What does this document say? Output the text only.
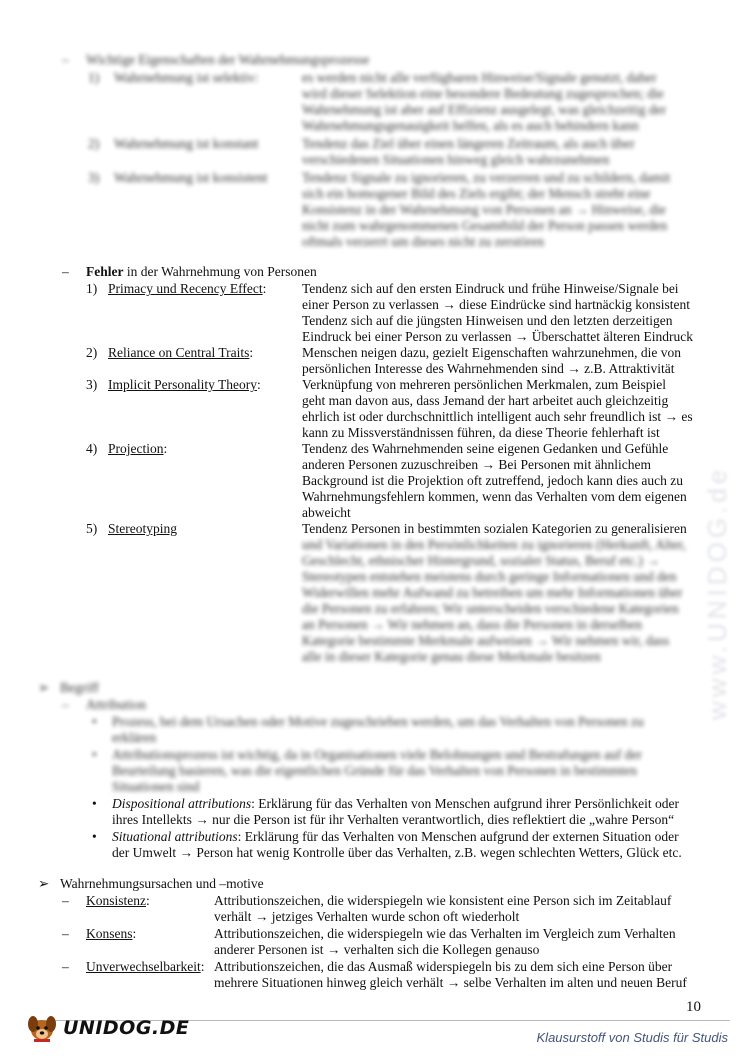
– Wichtige Eigenschaften der Wahrnehmungsprozesse
1) Wahrnehmung ist selektiv:	es werden nicht alle verfügbaren Hinweise/Signale genutzt, daher
wird dieser Selektion eine besondere Bedeutung zugesprochen; die
Wahrnehmung ist aber auf Effizienz ausgelegt, was gleichzeitig der
Wahrnehmungsgenauigkeit helfen, als es auch behindern kann
2) Wahrnehmung ist konstant	Tendenz das Ziel über einen längeren Zeitraum, als auch über
verschiedenen Situationen hinweg gleich wahrzunehmen
3) Wahrnehmung ist konsistent	Tendenz Signale zu ignorieren, zu verzerren und zu schildern, damit
sich ein homogener Bild des Ziels ergibt; der Mensch strebt eine
Konsistenz in der Wahrnehmung von Personen an → Hinweise, die
nicht zum wahrgenommenen Gesamtbild der Person passen werden
oftmals verzerrt um dieses nicht zu zerstören
– Fehler in der Wahrnehmung von Personen
1) Primacy und Recency Effect:	Tendenz sich auf den ersten Eindruck und frühe Hinweise/Signale bei
einer Person zu verlassen → diese Eindrücke sind hartnäckig konsistent
Tendenz sich auf die jüngsten Hinweisen und den letzten derzeitigen
Eindruck bei einer Person zu verlassen → Überschattet älteren Eindruck
2) Reliance on Central Traits:	Menschen neigen dazu, gezielt Eigenschaften wahrzunehmen, die von
persönlichen Interesse des Wahrnehmenden sind → z.B. Attraktivität
3) Implicit Personality Theory:	Verknüpfung von mehreren persönlichen Merkmalen, zum Beispiel
geht man davon aus, dass Jemand der hart arbeitet auch gleichzeitig
ehrlich ist oder durchschnittlich intelligent auch sehr freundlich ist → es
kann zu Missverständnissen führen, da diese Theorie fehlerhaft ist
4) Projection:	Tendenz des Wahrnehmenden seine eigenen Gedanken und Gefühle
anderen Personen zuzuschreiben → Bei Personen mit ähnlichem
Background ist die Projektion oft zutreffend, jedoch kann dies auch zu
Wahrnehmungsfehlern kommen, wenn das Verhalten vom dem eigenen
abweicht
5) Stereotyping	Tendenz Personen in bestimmten sozialen Kategorien zu generalisieren
und Variationen in den Persönlichkeiten zu ignorieren (Herkunft, Alter,
Geschlecht, ethnischer Hintergrund, sozialer Status, Beruf etc.) →
Stereotypen entstehen meistens durch geringe Informationen und den
Widerwillen mehr Aufwand zu betreiben um mehr Informationen über
die Personen zu erfahren; Wir unterscheiden verschiedene Kategorien
an Personen → Wir nehmen an, dass die Personen in derselben
Kategorie bestimmte Merkmale aufweisen → Wir nehmen wir, dass
alle in dieser Kategorie genau diese Merkmale besitzen
➢ Begriff
– Attribution
• Prozess, bei dem Ursachen oder Motive zugeschrieben werden, um das Verhalten von Personen zu
erklären
• Attributionsprozess ist wichtig, da in Organisationen viele Belohnungen und Bestrafungen auf der
Beurteilung basieren, was die eigentlichen Gründe für das Verhalten von Personen in bestimmten
Situationen sind
• Dispositional attributions: Erklärung für das Verhalten von Menschen aufgrund ihrer Persönlichkeit oder
ihres Intellekts → nur die Person ist für ihr Verhalten verantwortlich, dies reflektiert die „wahre Person“
• Situational attributions: Erklärung für das Verhalten von Menschen aufgrund der externen Situation oder
der Umwelt → Person hat wenig Kontrolle über das Verhalten, z.B. wegen schlechten Wetters, Glück etc.
➢ Wahrnehmungsursachen und –motive
– Konsistenz:	Attributionszeichen, die widerspiegeln wie konsistent eine Person sich im Zeitablauf
verhält → jetziges Verhalten wurde schon oft wiederholt
– Konsens:	Attributionszeichen, die widerspiegeln wie das Verhalten im Vergleich zum Verhalten
anderer Personen ist → verhalten sich die Kollegen genauso
– Unverwechselbarkeit: Attributionszeichen, die das Ausmaß widerspiegeln bis zu dem sich eine Person über
mehrere Situationen hinweg gleich verhält → selbe Verhalten im alten und neuen Beruf
www.UNIDOG.de
10
UNIDOG.DE	Klausurstoff von Studis für Studis
